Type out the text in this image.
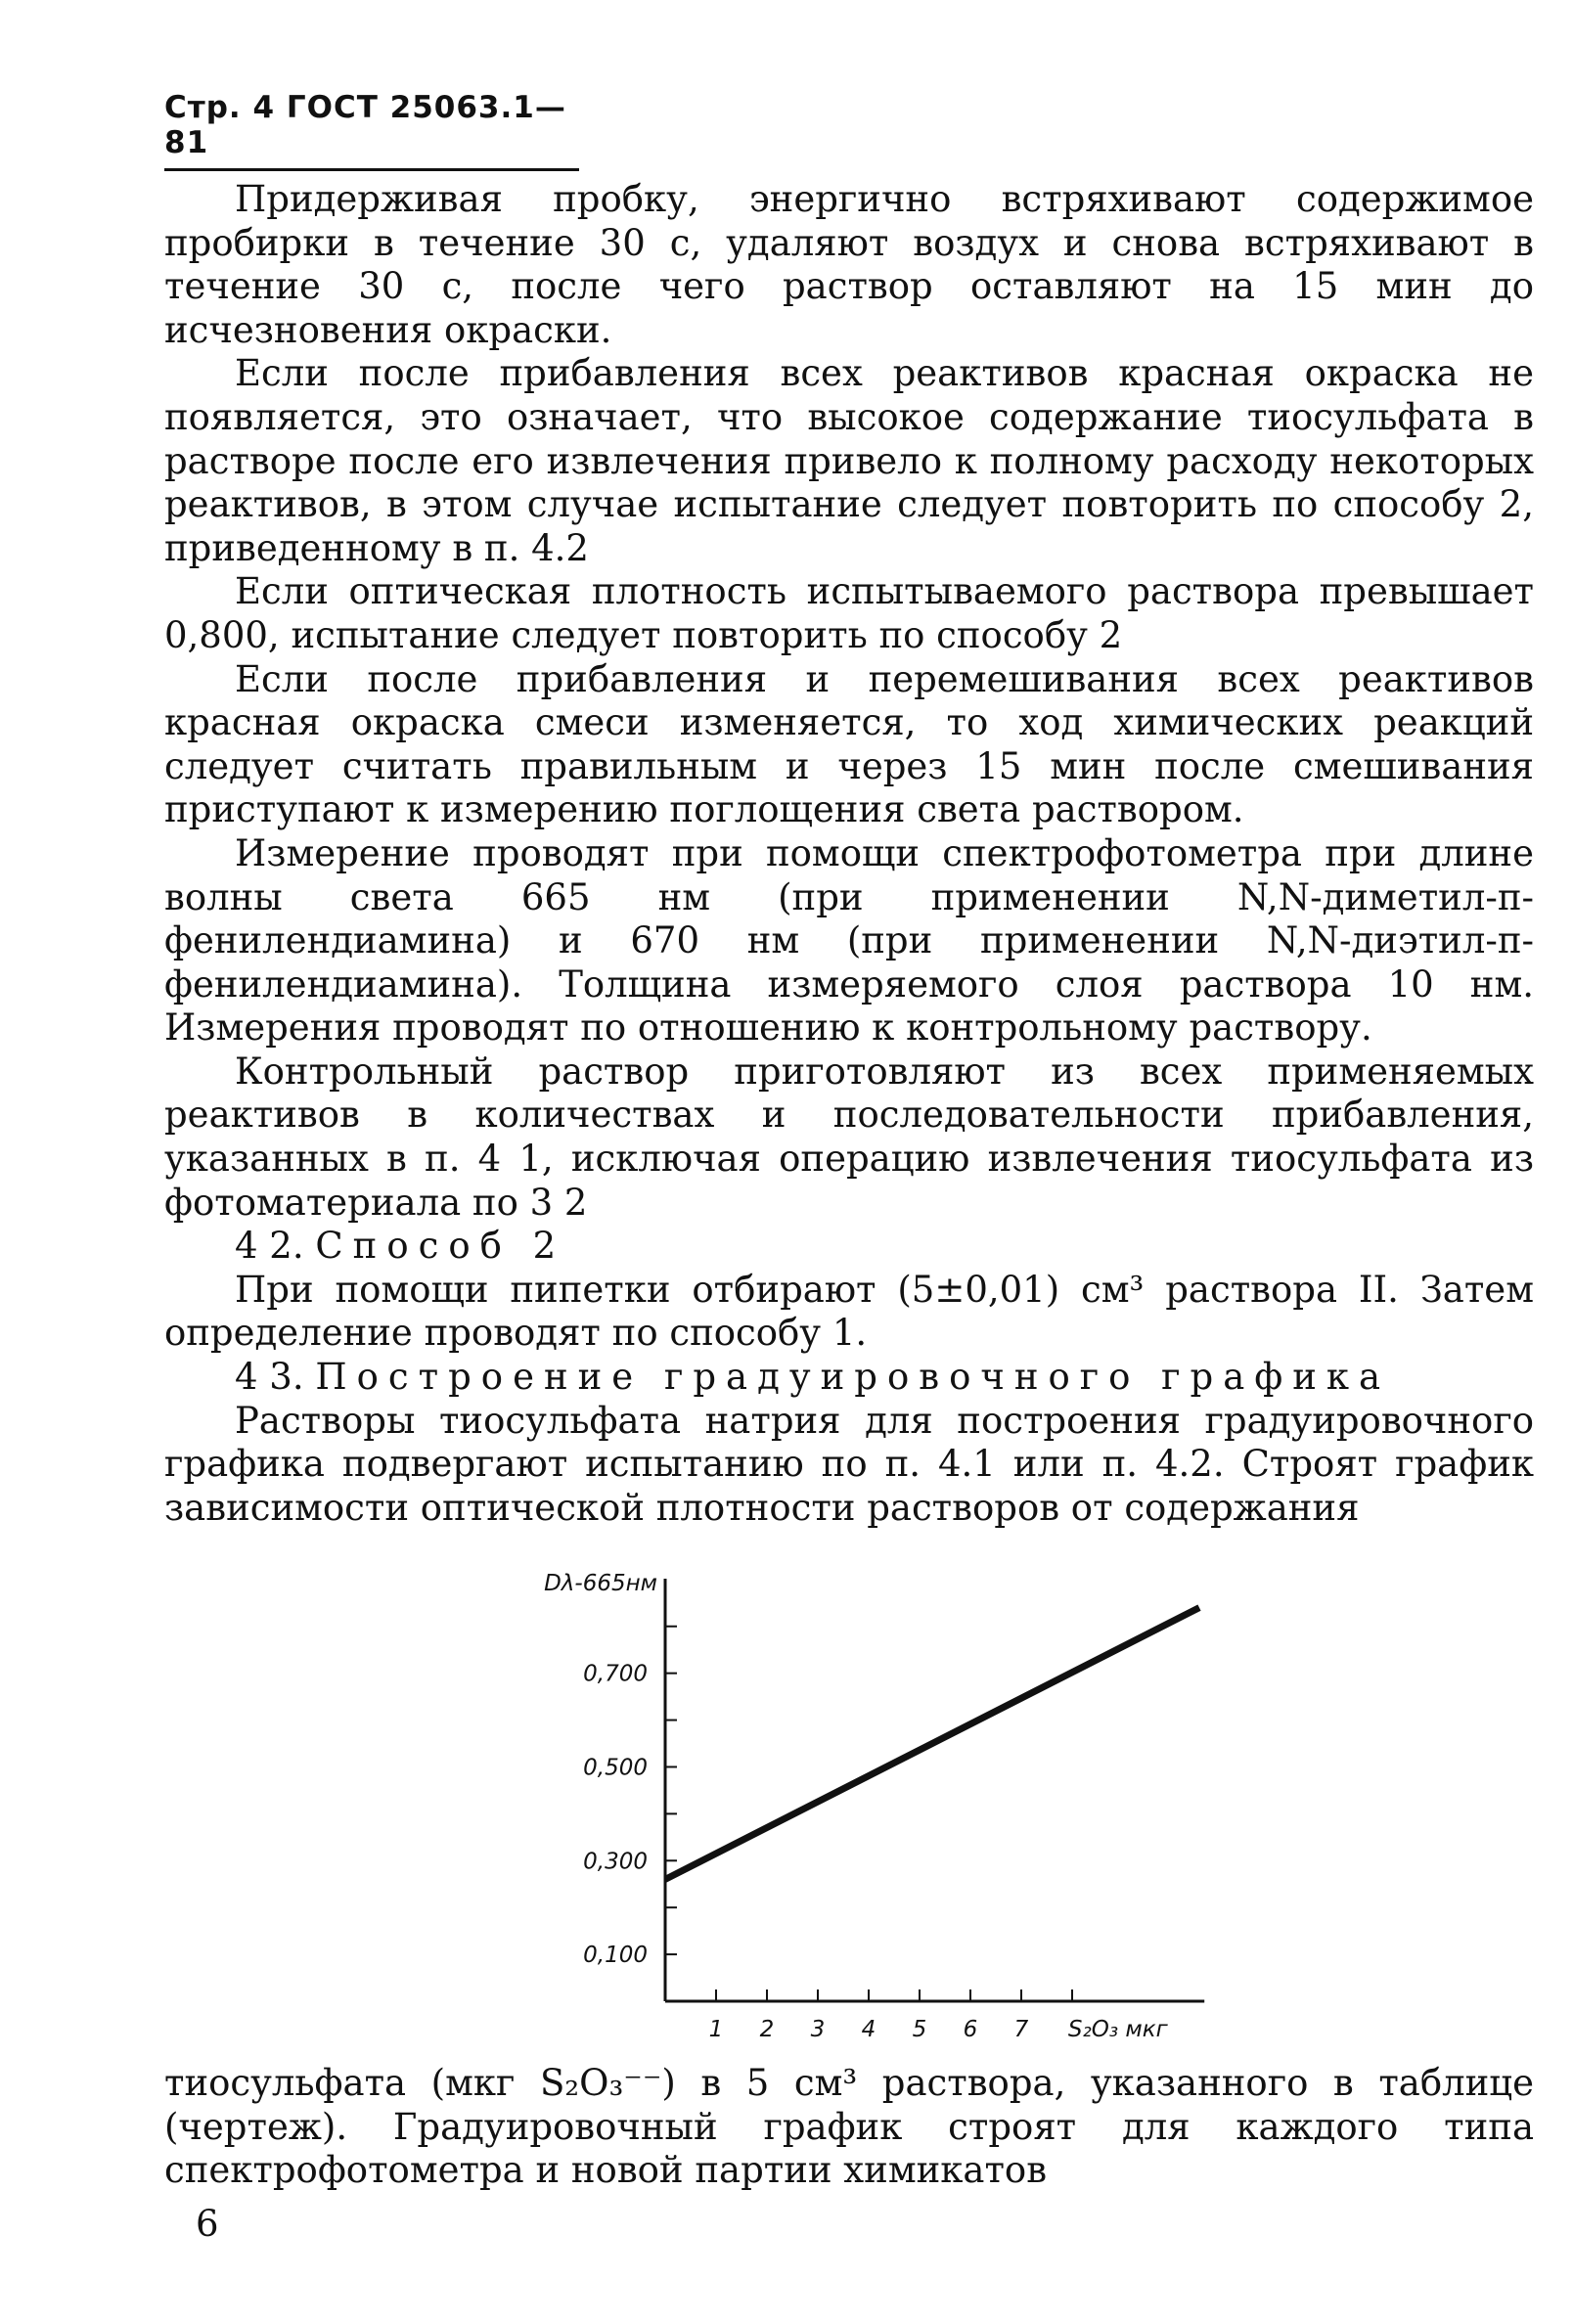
Стр. 4 ГОСТ 25063.1—81

Придерживая пробку, энергично встряхивают содержимое пробирки в течение 30 с, удаляют воздух и снова встряхивают в течение 30 с, после чего раствор оставляют на 15 мин до исчезновения окраски.

Если после прибавления всех реактивов красная окраска не появляется, это означает, что высокое содержание тиосульфата в растворе после его извлечения привело к полному расходу некоторых реактивов, в этом случае испытание следует повторить по способу 2, приведенному в п. 4.2

Если оптическая плотность испытываемого раствора превышает 0,800, испытание следует повторить по способу 2

Если после прибавления и перемешивания всех реактивов красная окраска смеси изменяется, то ход химических реакций следует считать правильным и через 15 мин после смешивания приступают к измерению поглощения света раствором.

Измерение проводят при помощи спектрофотометра при длине волны света 665 нм (при применении N,N-диметил-п-фенилендиамина) и 670 нм (при применении N,N-диэтил-п-фенилендиамина). Толщина измеряемого слоя раствора 10 нм. Измерения проводят по отношению к контрольному раствору.

Контрольный раствор приготовляют из всех применяемых реактивов в количествах и последовательности прибавления, указанных в п. 4 1, исключая операцию извлечения тиосульфата из фотоматериала по 3 2

4 2. Способ 2

При помощи пипетки отбирают (5±0,01) см³ раствора II. Затем определение проводят по способу 1.

4 3. Построение градуировочного графика

Растворы тиосульфата натрия для построения градуировочного графика подвергают испытанию по п. 4.1 или п. 4.2. Строят график зависимости оптической плотности растворов от содержания

0,100
0,300
0,500
0,700
1 2 3 4 5 6 7
Dλ-665нм
S₂O₃ мкг

тиосульфата (мкг S₂O₃⁻⁻) в 5 см³ раствора, указанного в таблице (чертеж). Градуировочный график строят для каждого типа спектрофотометра и новой партии химикатов

6
